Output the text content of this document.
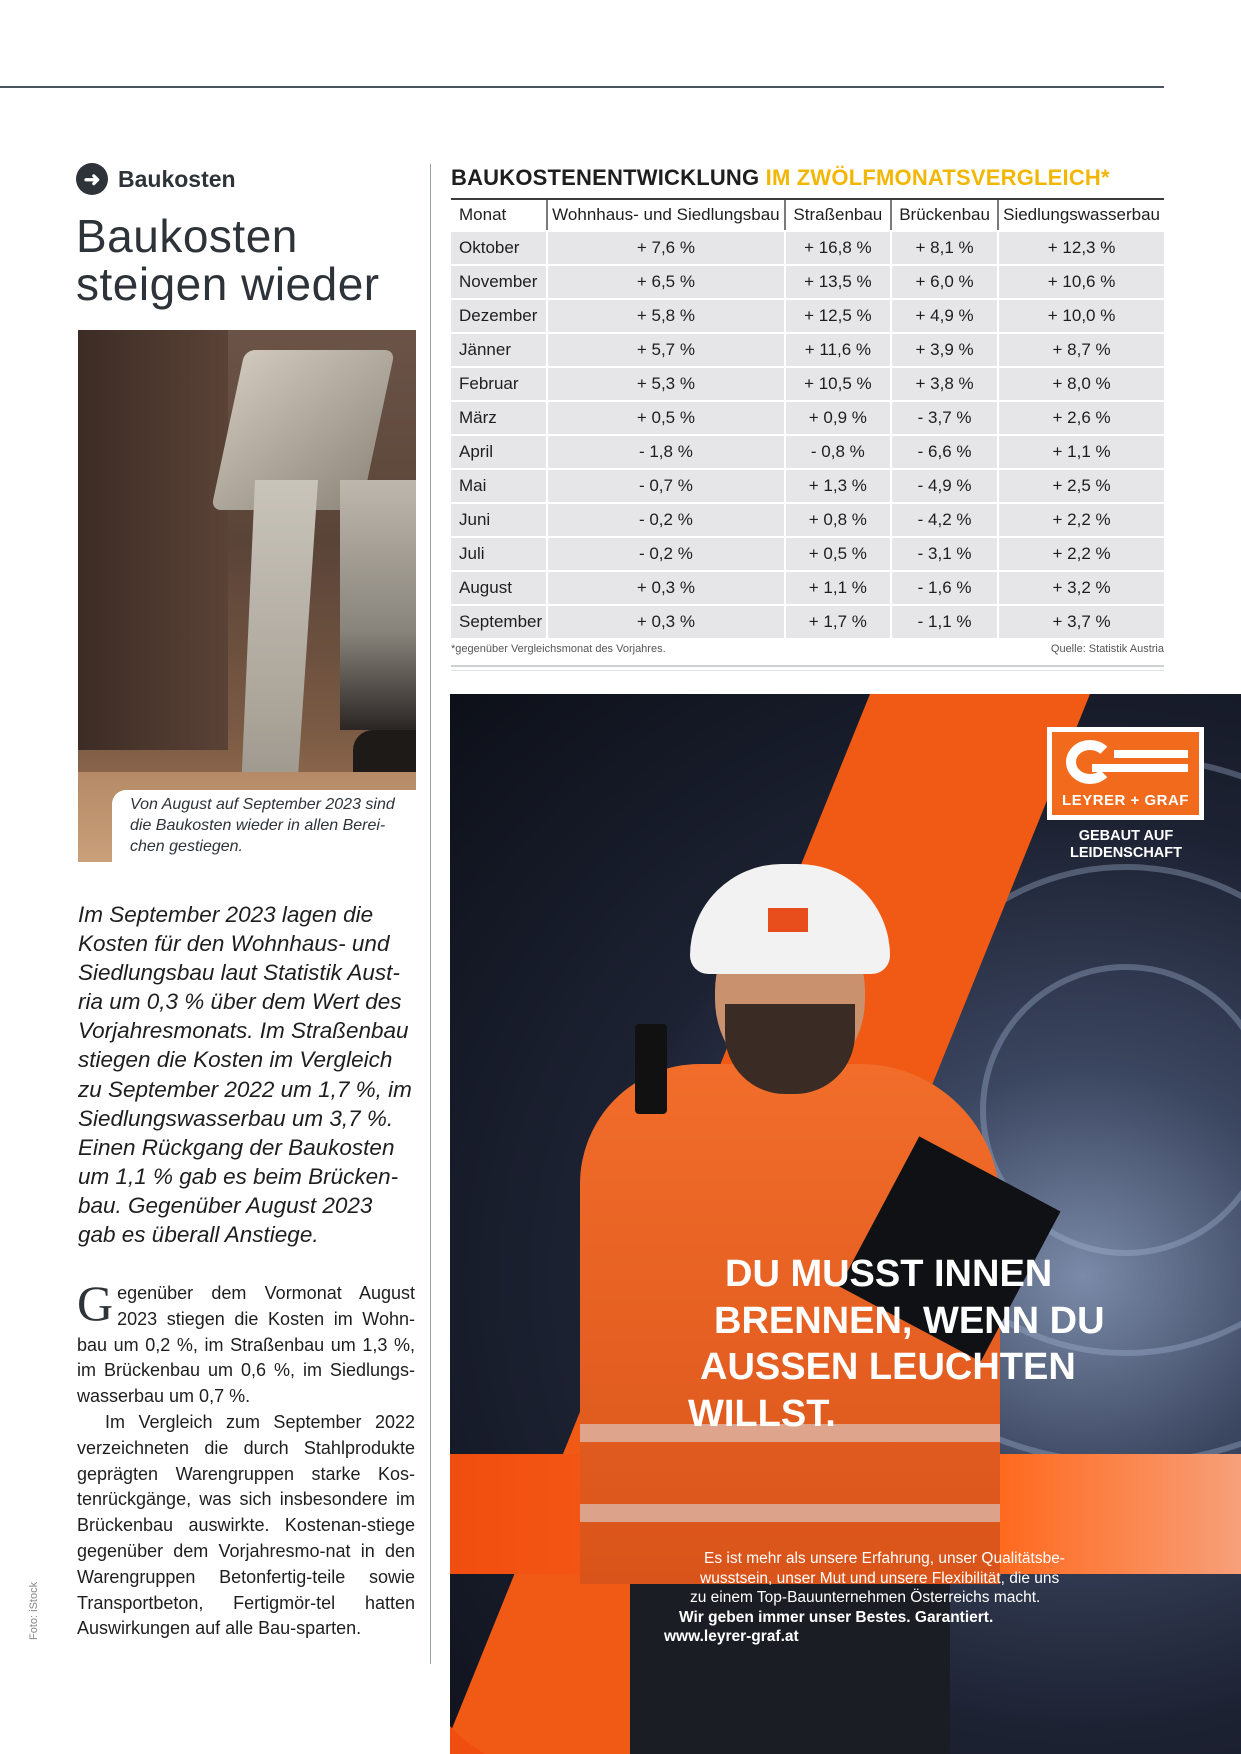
➜ Baukosten
Baukosten
steigen wieder

Von August auf September 2023 sind die Baukosten wieder in allen Berei-chen gestiegen.

Foto: iStock

Im September 2023 lagen die Kosten für den Wohnhaus- und Siedlungsbau laut Statistik Aust-ria um 0,3 % über dem Wert des Vorjahresmonats. Im Straßenbau stiegen die Kosten im Vergleich zu September 2022 um 1,7 %, im Siedlungswasserbau um 3,7 %. Einen Rückgang der Baukosten um 1,1 % gab es beim Brücken-bau. Gegenüber August 2023 gab es überall Anstiege.

Gegenüber dem Vormonat August 2023 stiegen die Kosten im Wohn-bau um 0,2 %, im Straßenbau um 1,3 %, im Brückenbau um 0,6 %, im Siedlungs-wasserbau um 0,7 %.

Im Vergleich zum September 2022 verzeichneten die durch Stahlprodukte geprägten Warengruppen starke Kos-tenrückgänge, was sich insbesondere im Brückenbau auswirkte. Kostenan-stiege gegenüber dem Vorjahresmo-nat in den Warengruppen Betonfertig-teile sowie Transportbeton, Fertigmör-tel hatten Auswirkungen auf alle Bau-sparten.

BAUKOSTENENTWICKLUNG IM ZWÖLFMONATSVERGLEICH*
Monat	Wohnhaus- und Siedlungsbau	Straßenbau	Brückenbau	Siedlungswasserbau
Oktober	+ 7,6 %	+ 16,8 %	+ 8,1 %	+ 12,3 %
November	+ 6,5 %	+ 13,5 %	+ 6,0 %	+ 10,6 %
Dezember	+ 5,8 %	+ 12,5 %	+ 4,9 %	+ 10,0 %
Jänner	+ 5,7 %	+ 11,6 %	+ 3,9 %	+ 8,7 %
Februar	+ 5,3 %	+ 10,5 %	+ 3,8 %	+ 8,0 %
März	+ 0,5 %	+ 0,9 %	- 3,7 %	+ 2,6 %
April	- 1,8 %	- 0,8 %	- 6,6 %	+ 1,1 %
Mai	- 0,7 %	+ 1,3 %	- 4,9 %	+ 2,5 %
Juni	- 0,2 %	+ 0,8 %	- 4,2 %	+ 2,2 %
Juli	- 0,2 %	+ 0,5 %	- 3,1 %	+ 2,2 %
August	+ 0,3 %	+ 1,1 %	- 1,6 %	+ 3,2 %
September	+ 0,3 %	+ 1,7 %	- 1,1 %	+ 3,7 %
*gegenüber Vergleichsmonat des Vorjahres.	Quelle: Statistik Austria
LEYRER + GRAF
GEBAUT AUF
LEIDENSCHAFT
DU MUSST INNEN
BRENNEN, WENN DU
AUSSEN LEUCHTEN
WILLST.

Es ist mehr als unsere Erfahrung, unser Qualitätsbe-
wusstsein, unser Mut und unsere Flexibilität, die uns
zu einem Top-Bauunternehmen Österreichs macht.
Wir geben immer unser Bestes. Garantiert.
www.leyrer-graf.at
